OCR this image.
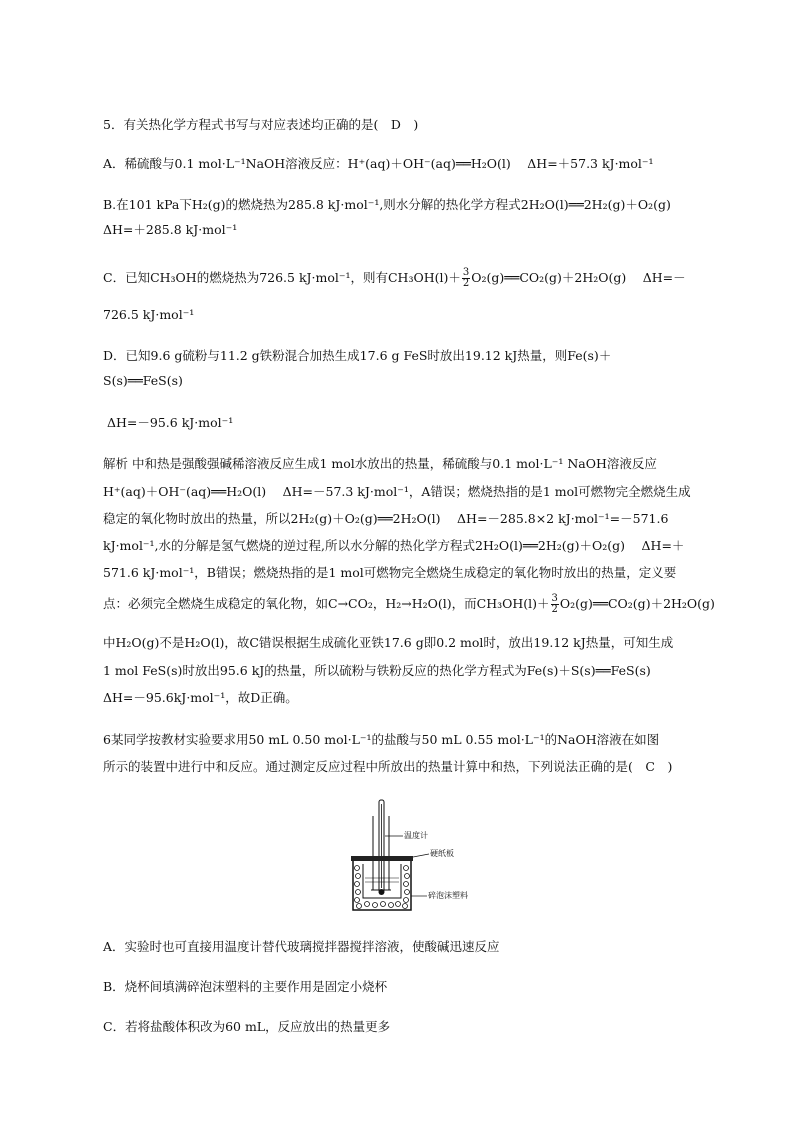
5．有关热化学方程式书写与对应表述均正确的是(　D　)
A．稀硫酸与0.1 mol·L⁻¹NaOH溶液反应：H⁺(aq)＋OH⁻(aq)══H₂O(l)　 ΔH=＋57.3 kJ·mol⁻¹
B.在101 kPa下H₂(g)的燃烧热为285.8 kJ·mol⁻¹,则水分解的热化学方程式2H₂O(l)══2H₂(g)＋O₂(g)
ΔH=＋285.8 kJ·mol⁻¹
C．已知CH₃OH的燃烧热为726.5 kJ·mol⁻¹，则有$CH_3OH(l)+ \frac{3}{2}$ O₂(g)══CO₂(g)＋2H₂O(g)　 ΔH=－
726.5 kJ·mol⁻¹
D．已知9.6 g硫粉与11.2 g铁粉混合加热生成17.6 g FeS时放出19.12 kJ热量，则Fe(s)＋
S(s)══FeS(s)
ΔH=－95.6 kJ·mol⁻¹
解析 中和热是强酸强碱稀溶液反应生成1 mol水放出的热量，稀硫酸与0.1 mol·L⁻¹ NaOH溶液反应
H⁺(aq)＋OH⁻(aq)══H₂O(l)　 ΔH=－57.3 kJ·mol⁻¹，A错误；燃烧热指的是1 mol可燃物完全燃烧生成
稳定的氧化物时放出的热量，所以2H₂(g)＋O₂(g)══2H₂O(l)　 ΔH=－285.8×2 kJ·mol⁻¹=－571.6
kJ·mol⁻¹,水的分解是氢气燃烧的逆过程,所以水分解的热化学方程式2H₂O(l)══2H₂(g)＋O₂(g)　 ΔH=＋
571.6 kJ·mol⁻¹，B错误；燃烧热指的是1 mol可燃物完全燃烧生成稳定的氧化物时放出的热量，定义要
点：必须完全燃烧生成稳定的氧化物，如C→CO₂，H₂→H₂O(l)，而$CH_3OH(l)+ \frac{3}{2}$ O₂(g)══CO₂(g)＋2H₂O(g)
中H₂O(g)不是H₂O(l)，故C错误根据生成硫化亚铁17.6 g即0.2 mol时，放出19.12 kJ热量，可知生成
1 mol FeS(s)时放出95.6 kJ的热量，所以硫粉与铁粉反应的热化学方程式为Fe(s)＋S(s)══FeS(s)
ΔH=－95.6kJ·mol⁻¹，故D正确。
6某同学按教材实验要求用50 mL 0.50 mol·L⁻¹的盐酸与50 mL 0.55 mol·L⁻¹的NaOH溶液在如图
所示的装置中进行中和反应。通过测定反应过程中所放出的热量计算中和热，下列说法正确的是(　C　)
温度计
硬纸板
碎泡沫塑料
A．实验时也可直接用温度计替代玻璃搅拌器搅拌溶液，使酸碱迅速反应
B．烧杯间填满碎泡沫塑料的主要作用是固定小烧杯
C．若将盐酸体积改为60 mL，反应放出的热量更多
